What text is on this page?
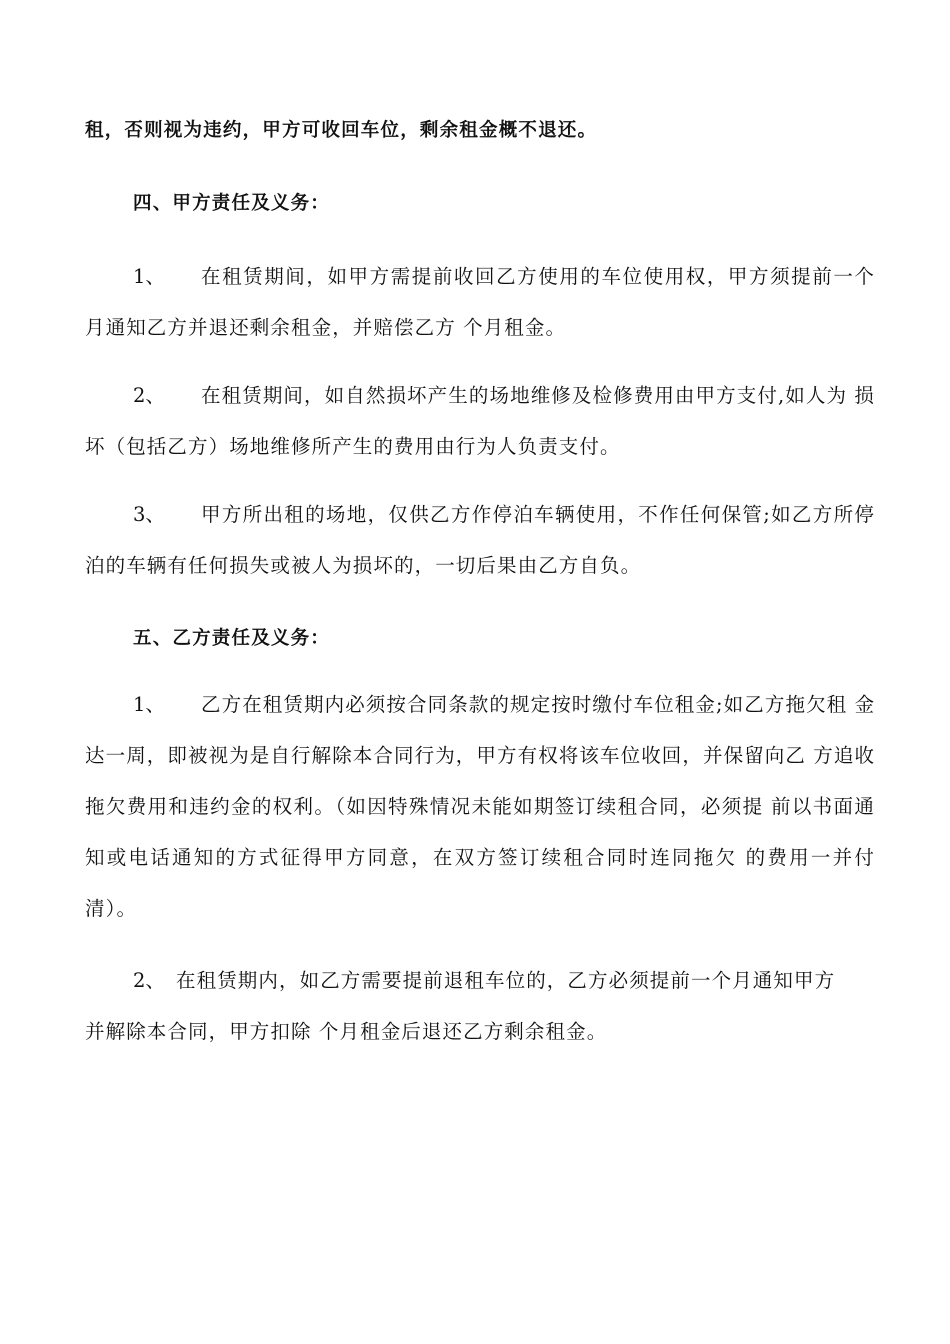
租，否则视为违约，甲方可收回车位，剩余租金概不退还。
四、甲方责任及义务：
1、 在租赁期间，如甲方需提前收回乙方使用的车位使用权，甲方须提前一个
月通知乙方并退还剩余租金，并赔偿乙方 个月租金。
2、 在租赁期间，如自然损坏产生的场地维修及检修费用由甲方支付,如人为 损
坏（包括乙方）场地维修所产生的费用由行为人负责支付。
3、 甲方所出租的场地，仅供乙方作停泊车辆使用，不作任何保管;如乙方所停
泊的车辆有任何损失或被人为损坏的，一切后果由乙方自负。
五、乙方责任及义务：
1、 乙方在租赁期内必须按合同条款的规定按时缴付车位租金;如乙方拖欠租 金
达一周，即被视为是自行解除本合同行为，甲方有权将该车位收回，并保留向乙 方追收
拖欠费用和违约金的权利。（如因特殊情况未能如期签订续租合同，必须提 前以书面通
知或电话通知的方式征得甲方同意，在双方签订续租合同时连同拖欠 的费用一并付
清）。
2、 在租赁期内，如乙方需要提前退租车位的，乙方必须提前一个月通知甲方
并解除本合同，甲方扣除 个月租金后退还乙方剩余租金。
